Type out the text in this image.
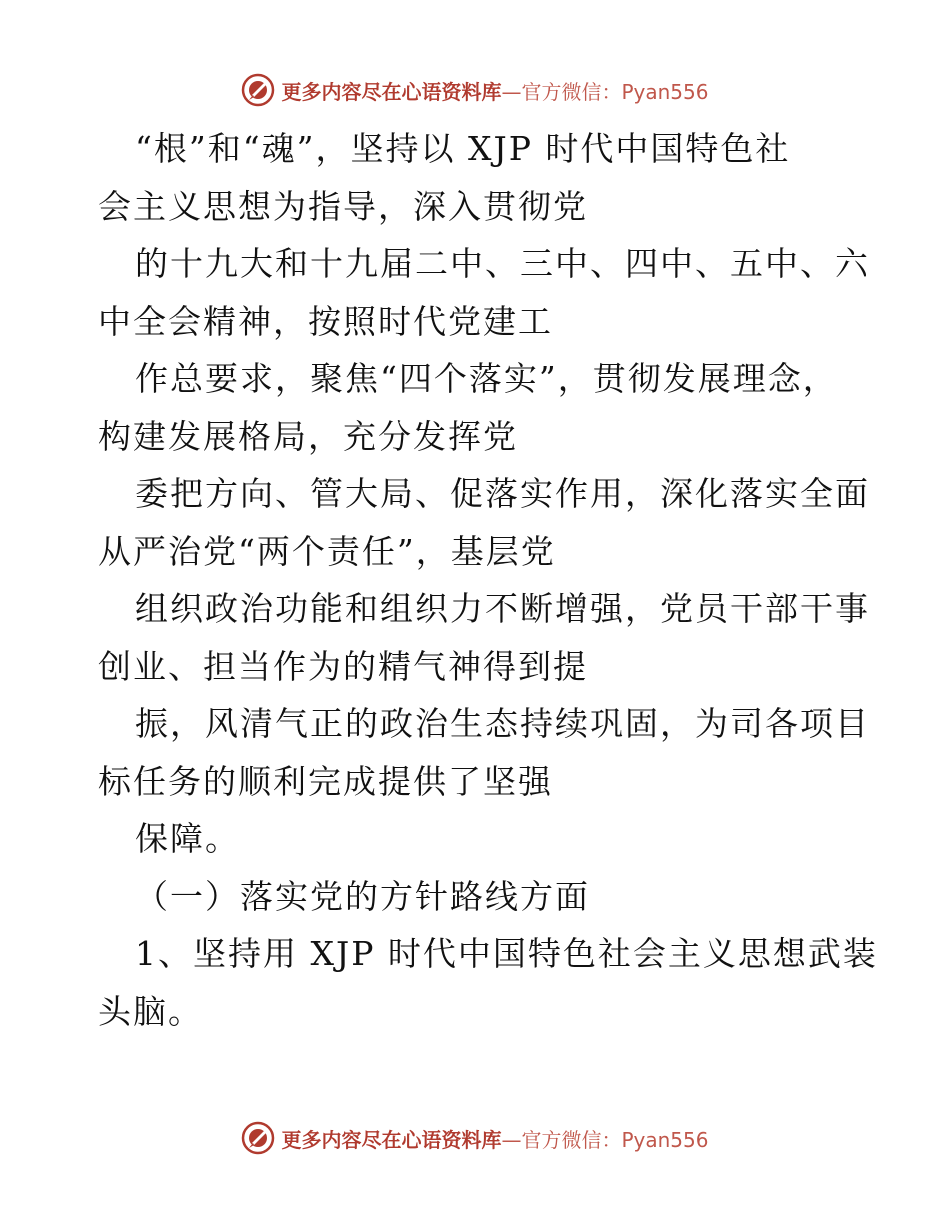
更多内容尽在心语资料库—官方微信：Pyan556
“根”和“魂”，坚持以 XJP 时代中国特色社
会主义思想为指导，深入贯彻党
的十九大和十九届二中、三中、四中、五中、六
中全会精神，按照时代党建工
作总要求，聚焦“四个落实”，贯彻发展理念，
构建发展格局，充分发挥党
委把方向、管大局、促落实作用，深化落实全面
从严治党“两个责任”，基层党
组织政治功能和组织力不断增强，党员干部干事
创业、担当作为的精气神得到提
振，风清气正的政治生态持续巩固，为司各项目
标任务的顺利完成提供了坚强
保障。
（一）落实党的方针路线方面
1、坚持用 XJP 时代中国特色社会主义思想武装
头脑。
更多内容尽在心语资料库—官方微信：Pyan556
